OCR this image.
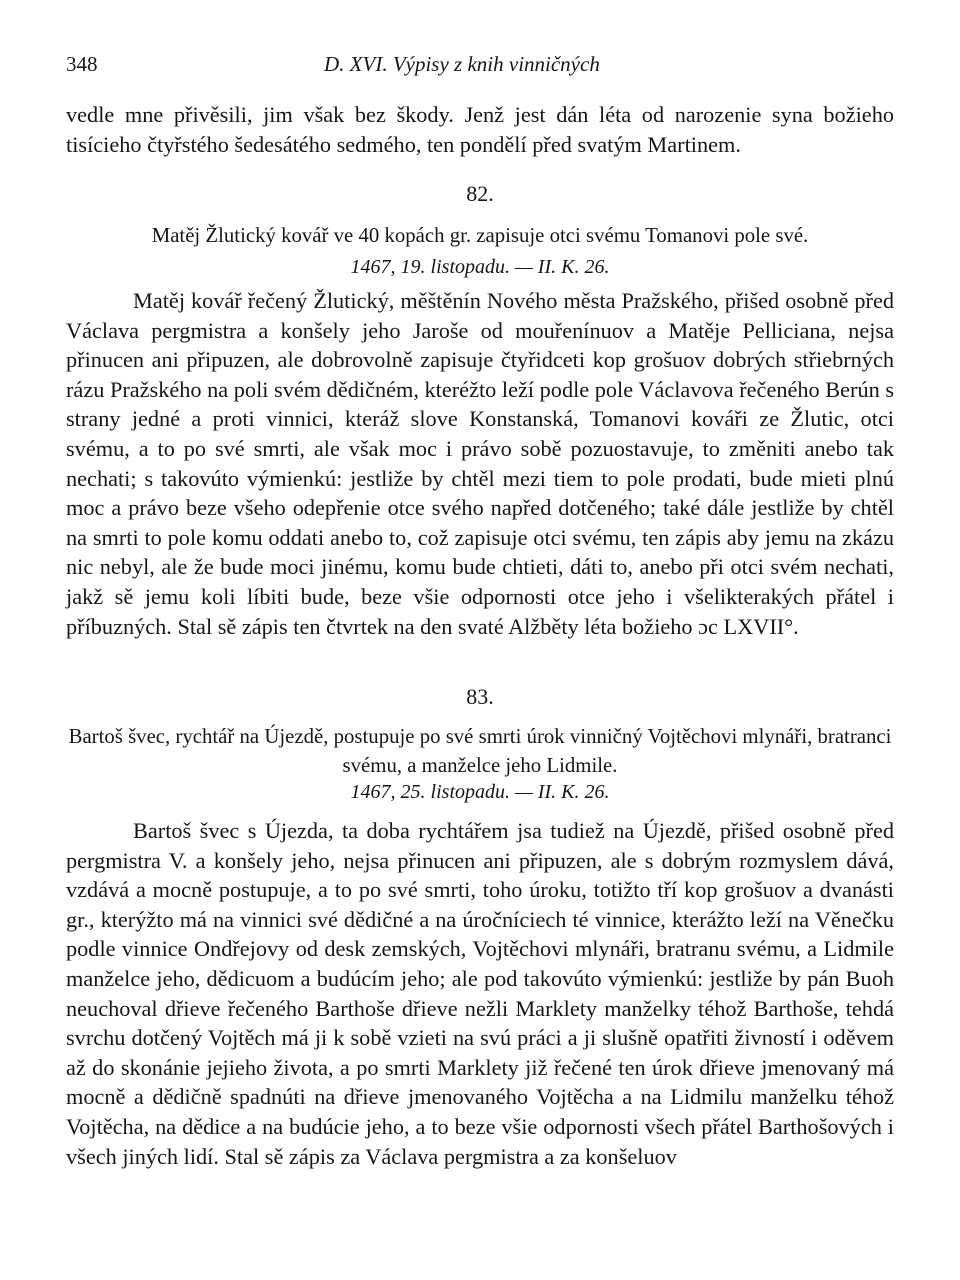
348	D. XVI. Výpisy z knih vinničných

vedle mne přivěsili, jim však bez škody. Jenž jest dán léta od narozenie syna božieho tisícieho čtyřstého šedesátého sedmého, ten pondělí před svatým Martinem.

82.
Matěj Žlutický kovář ve 40 kopách gr. zapisuje otci svému Tomanovi pole své.
1467, 19. listopadu. — II. K. 26.

Matěj kovář řečený Žlutický, měštěnín Nového města Pražského, přišed osobně před Václava pergmistra a konšely jeho Jaroše od mouřenínuov a Matěje Pelliciana, nejsa přinucen ani připuzen, ale dobrovolně zapisuje čtyřidceti kop grošuov dobrých střiebrných rázu Pražského na poli svém dědičném, kteréžto leží podle pole Václavova řečeného Berún s strany jedné a proti vinnici, kteráž slove Konstanská, Tomanovi kováři ze Žlutic, otci svému, a to po své smrti, ale však moc i právo sobě pozuostavuje, to změniti anebo tak nechati; s takovúto výmienkú: jestliže by chtěl mezi tiem to pole prodati, bude mieti plnú moc a právo beze všeho odepřenie otce svého napřed dotčeného; také dále jestliže by chtěl na smrti to pole komu oddati anebo to, což zapisuje otci svému, ten zápis aby jemu na zkázu nic nebyl, ale že bude moci jinému, komu bude chtieti, dáti to, anebo při otci svém nechati, jakž sě jemu koli líbiti bude, beze všie odpornosti otce jeho i všelikterakých přátel i příbuzných. Stal sě zápis ten čtvrtek na den svaté Alžběty léta božieho ɔc LXVII°.

83.
Bartoš švec, rychtář na Újezdě, postupuje po své smrti úrok vinničný Vojtěchovi mlynáři, bratranci svému, a manželce jeho Lidmile.
1467, 25. listopadu. — II. K. 26.

Bartoš švec s Újezda, ta doba rychtářem jsa tudiež na Újezdě, přišed osobně před pergmistra V. a konšely jeho, nejsa přinucen ani připuzen, ale s dobrým rozmyslem dává, vzdává a mocně postupuje, a to po své smrti, toho úroku, totižto tří kop grošuov a dvanásti gr., kterýžto má na vinnici své dědičné a na úročníciech té vinnice, kterážto leží na Věnečku podle vinnice Ondřejovy od desk zemských, Vojtěchovi mlynáři, bratranu svému, a Lidmile manželce jeho, dědicuom a budúcím jeho; ale pod takovúto výmienkú: jestliže by pán Buoh neuchoval dřieve řečeného Barthoše dřieve nežli Marklety manželky téhož Barthoše, tehdá svrchu dotčený Vojtěch má ji k sobě vzieti na svú práci a ji slušně opatřiti živností i oděvem až do skonánie jejieho života, a po smrti Marklety již řečené ten úrok dřieve jmenovaný má mocně a dědičně spadnúti na dřieve jmenovaného Vojtěcha a na Lidmilu manželku téhož Vojtěcha, na dědice a na budúcie jeho, a to beze všie odpornosti všech přátel Barthošových i všech jiných lidí. Stal sě zápis za Václava pergmistra a za konšeluov
